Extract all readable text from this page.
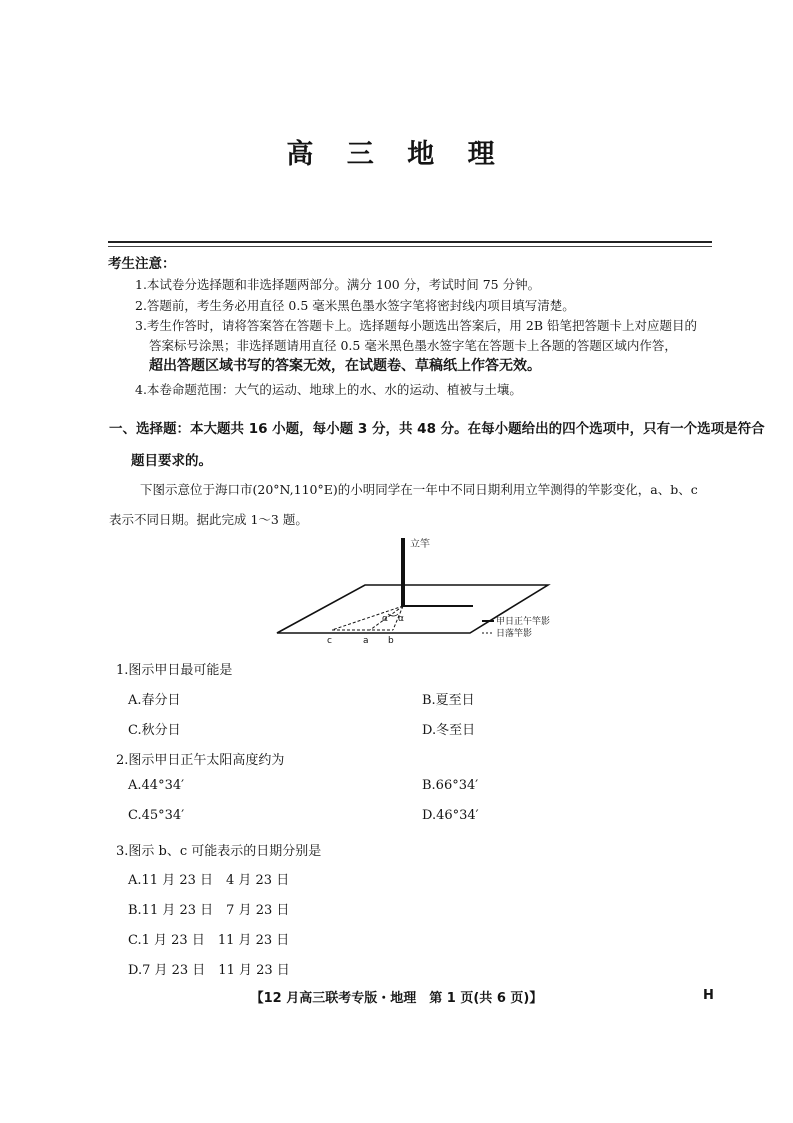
高 三 地 理
考生注意：
1.本试卷分选择题和非选择题两部分。满分 100 分，考试时间 75 分钟。
2.答题前，考生务必用直径 0.5 毫米黑色墨水签字笔将密封线内项目填写清楚。
3.考生作答时，请将答案答在答题卡上。选择题每小题选出答案后，用 2B 铅笔把答题卡上对应题目的
答案标号涂黑；非选择题请用直径 0.5 毫米黑色墨水签字笔在答题卡上各题的答题区域内作答，
超出答题区域书写的答案无效，在试题卷、草稿纸上作答无效。
4.本卷命题范围：大气的运动、地球上的水、水的运动、植被与土壤。
一、选择题：本大题共 16 小题，每小题 3 分，共 48 分。在每小题给出的四个选项中，只有一个选项是符合
题目要求的。
下图示意位于海口市(20°N,110°E)的小明同学在一年中不同日期利用立竿测得的竿影变化，a、b、c
表示不同日期。据此完成 1～3 题。
立竿
α α
c	a b
甲日正午竿影
日落竿影
1.图示甲日最可能是
A.春分日	B.夏至日
C.秋分日	D.冬至日
2.图示甲日正午太阳高度约为
A.44°34′	B.66°34′
C.45°34′	D.46°34′
3.图示 b、c 可能表示的日期分别是
A.11 月 23 日　4 月 23 日
B.11 月 23 日　7 月 23 日
C.1 月 23 日　11 月 23 日
D.7 月 23 日　11 月 23 日
【12 月高三联考专版・地理　第 1 页(共 6 页)】	H
